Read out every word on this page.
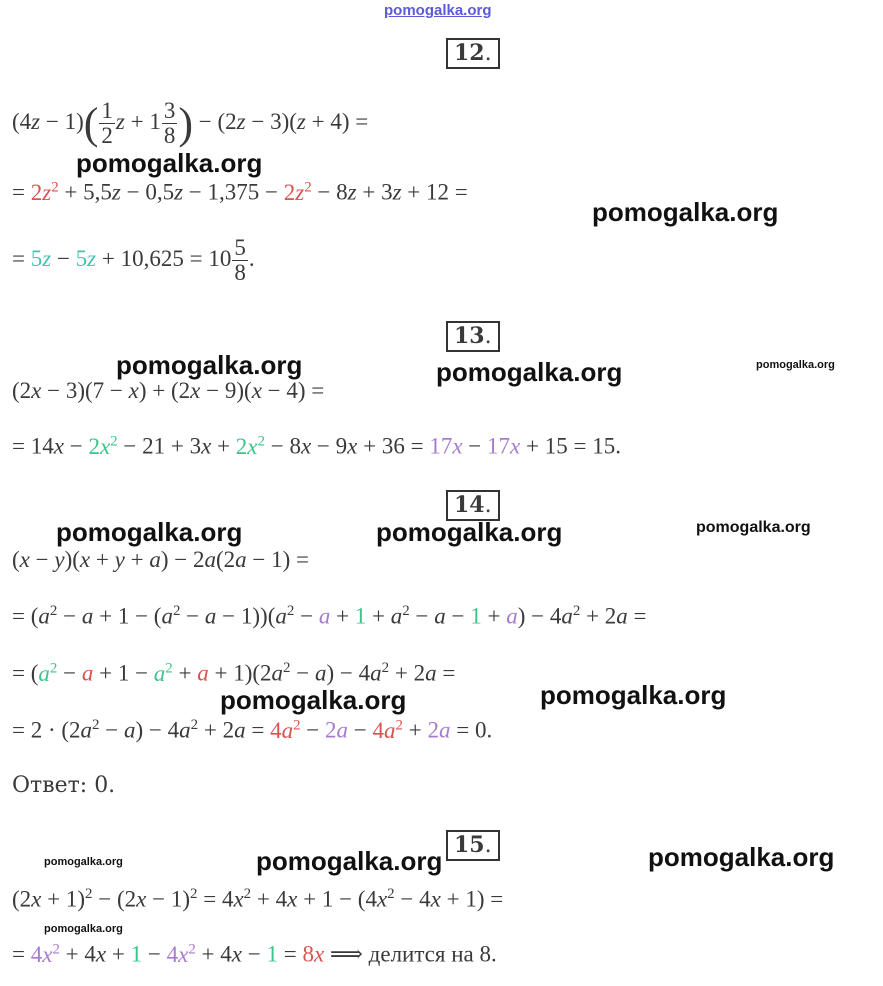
pomogalka.org
12.
$(4z - 1)( \frac{1}{2}$ $z + 1 \frac{3}{8}$ ) − (2z − 3)(z + 4) =
pomogalka.org
= $2z^2 + 5,5z - 0,5z - 1,375 - 2z^2 - 8z + 3z + 12$ =
pomogalka.org
= $5z - 5z + 10,625 = 10 \frac{5}{8}$ .
13.
pomogalka.org	pomogalka.org	pomogalka.org
(2x − 3)(7 − x) + (2x − 9)(x − 4) =
= $14x - 2x^2 - 21 + 3x + 2x^2 - 8x - 9x + 36 = 17x - 17x + 15 = 15$.
14.
pomogalka.org	pomogalka.org	pomogalka.org
(x − y)(x + y + a) − 2a(2a − 1) =
= $(a^2 - a + 1 - (a^2 - a - 1))(a^2 - a + 1 + a^2 - a - 1 + a) - 4a^2 + 2a$ =
= $(a^2 - a + 1 - a^2 + a + 1)(2a^2 - a) - 4a^2 + 2a$ =
pomogalka.org	pomogalka.org
= $2 \cdot (2a^2 - a) - 4a^2 + 2a = 4a^2 - 2a - 4a^2 + 2a = 0$.
Ответ: 0.
15.
pomogalka.org	pomogalka.org	pomogalka.org
$(2x + 1)^2 - (2x - 1)^2 = 4x^2 + 4x + 1 - (4x^2 - 4x + 1)$ =
pomogalka.org
= $4x^2 + 4x + 1 - 4x^2 + 4x - 1 = 8x$ ⟹ делится на 8.
